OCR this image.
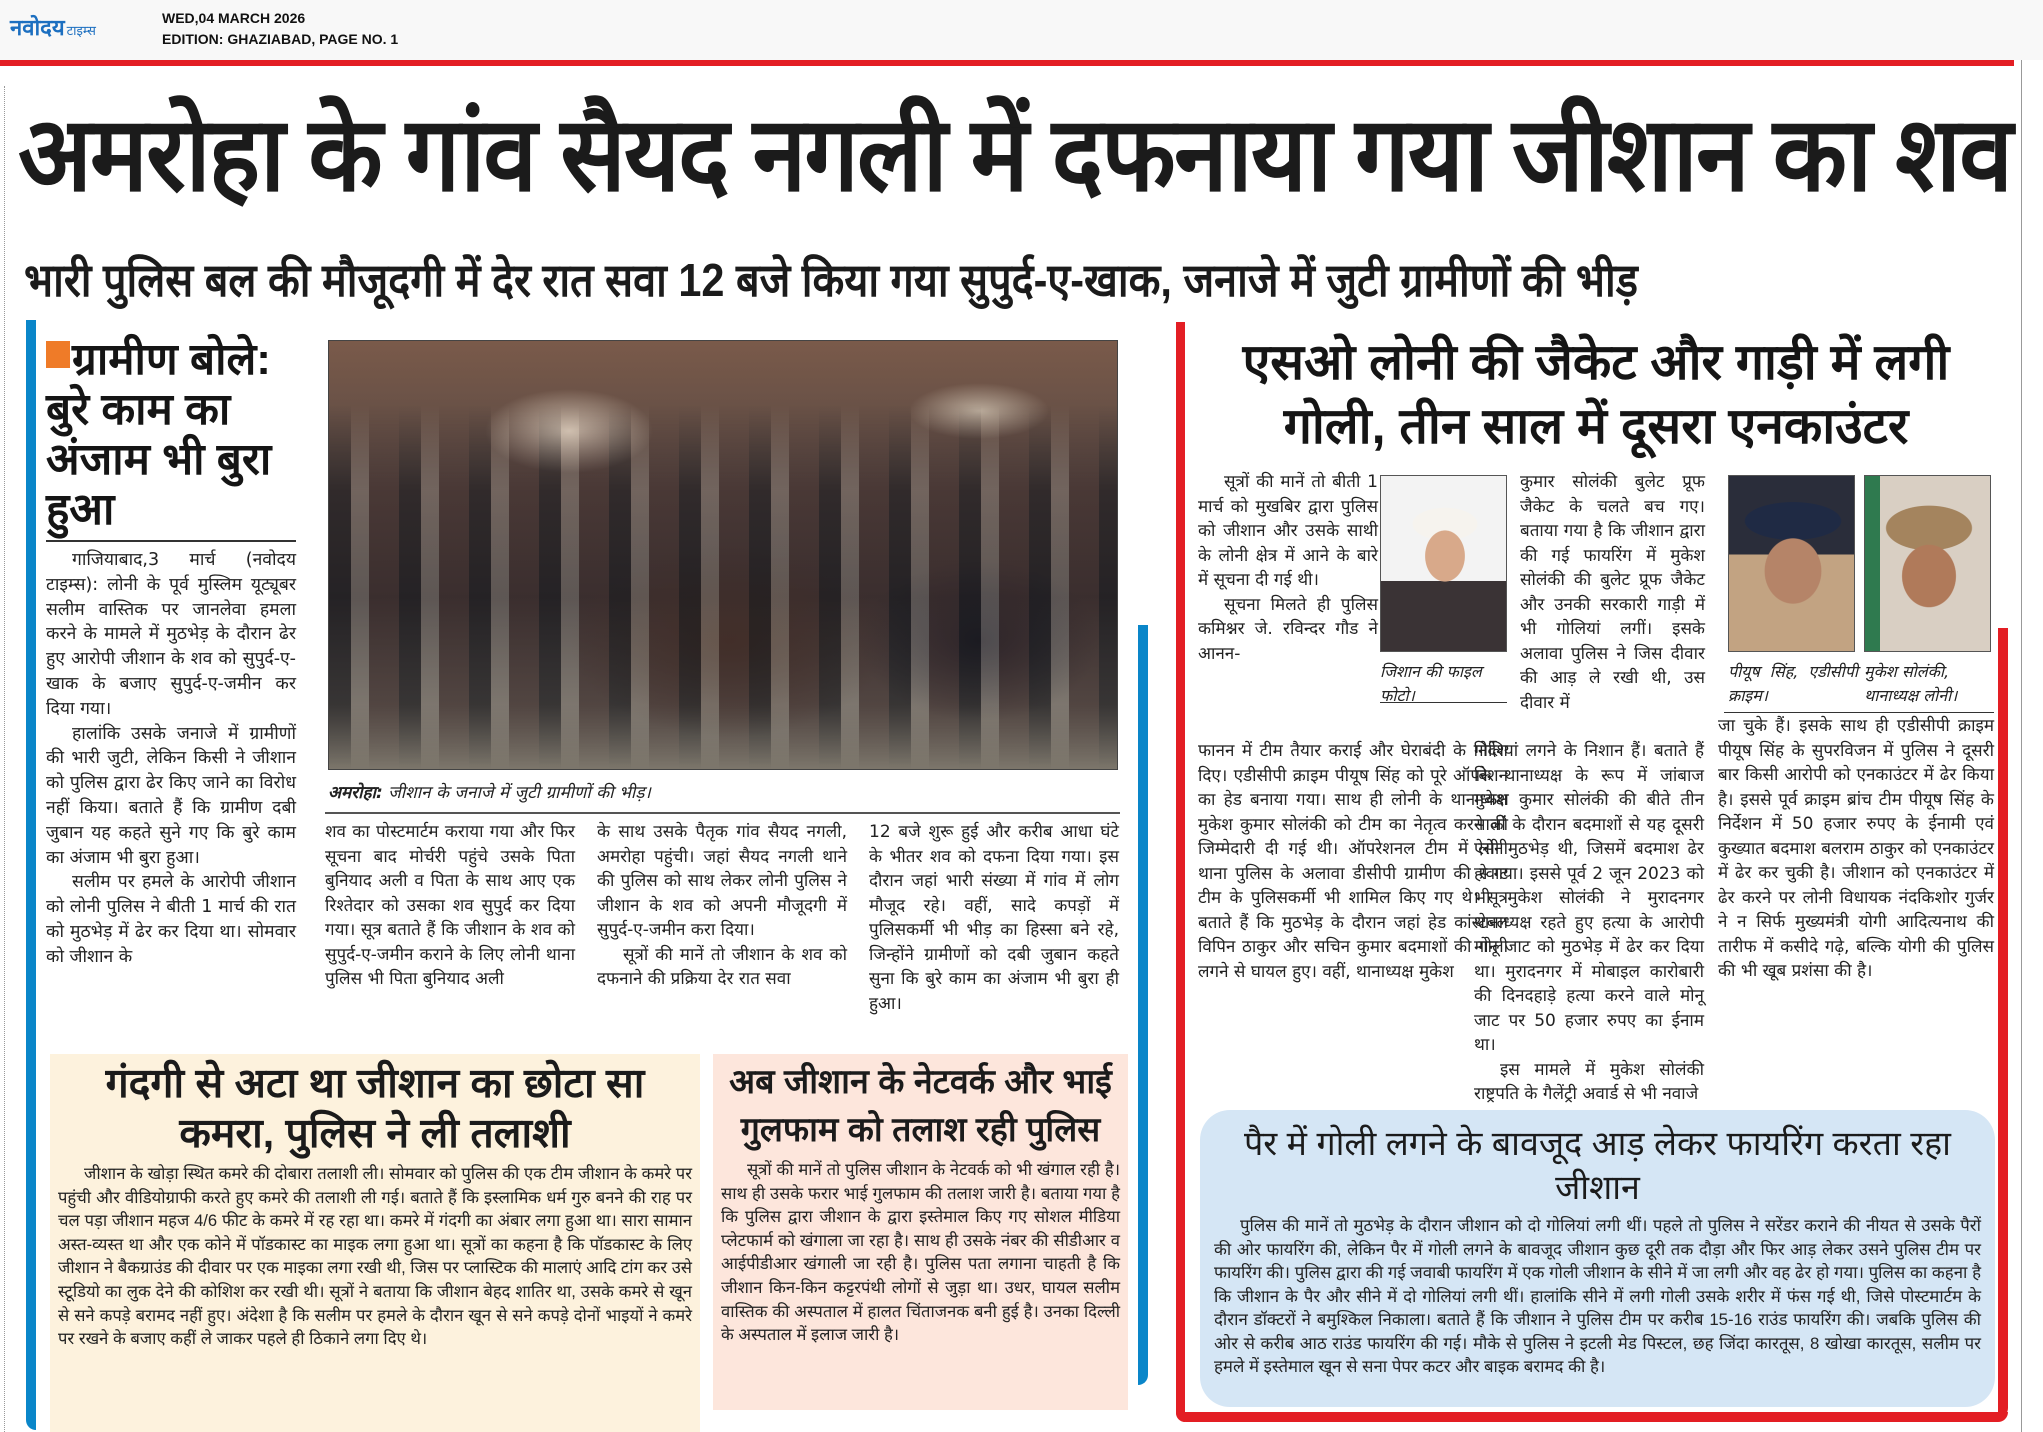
नवोदय टाइम्स
WED,04 MARCH 2026
EDITION: GHAZIABAD, PAGE NO. 1
अमरोहा के गांव सैयद नगली में दफनाया गया जीशान का शव
भारी पुलिस बल की मौजूदगी में देर रात सवा 12 बजे किया गया सुपुर्द-ए-खाक, जनाजे में जुटी ग्रामीणों की भीड़
ग्रामीण बोले: बुरे काम का अंजाम भी बुरा हुआ

गाजियाबाद,3 मार्च (नवोदय टाइम्स): लोनी के पूर्व मुस्लिम यूट्यूबर सलीम वास्तिक पर जानलेवा हमला करने के मामले में मुठभेड़ के दौरान ढेर हुए आरोपी जीशान के शव को सुपुर्द-ए-खाक के बजाए सुपुर्द-ए-जमीन कर दिया गया।

हालांकि उसके जनाजे में ग्रामीणों की भारी जुटी, लेकिन किसी ने जीशान को पुलिस द्वारा ढेर किए जाने का विरोध नहीं किया। बताते हैं कि ग्रामीण दबी जुबान यह कहते सुने गए कि बुरे काम का अंजाम भी बुरा हुआ।

सलीम पर हमले के आरोपी जीशान को लोनी पुलिस ने बीती 1 मार्च की रात को मुठभेड़ में ढेर कर दिया था। सोमवार को जीशान के

अमरोहा: जीशान के जनाजे में जुटी ग्रामीणों की भीड़।

शव का पोस्टमार्टम कराया गया और फिर सूचना बाद मोर्चरी पहुंचे उसके पिता बुनियाद अली व पिता के साथ आए एक रिश्तेदार को उसका शव सुपुर्द कर दिया गया। सूत्र बताते हैं कि जीशान के शव को सुपुर्द-ए-जमीन कराने के लिए लोनी थाना पुलिस भी पिता बुनियाद अली

के साथ उसके पैतृक गांव सैयद नगली, अमरोहा पहुंची। जहां सैयद नगली थाने की पुलिस को साथ लेकर लोनी पुलिस ने जीशान के शव को अपनी मौजूदगी में सुपुर्द-ए-जमीन करा दिया।

सूत्रों की मानें तो जीशान के शव को दफनाने की प्रक्रिया देर रात सवा

12 बजे शुरू हुई और करीब आधा घंटे के भीतर शव को दफना दिया गया। इस दौरान जहां भारी संख्या में गांव में लोग मौजूद रहे। वहीं, सादे कपड़ों में पुलिसकर्मी भी भीड़ का हिस्सा बने रहे, जिन्होंने ग्रामीणों को दबी जुबान कहते सुना कि बुरे काम का अंजाम भी बुरा ही हुआ।

गंदगी से अटा था जीशान का छोटा सा कमरा, पुलिस ने ली तलाशी

जीशान के खोड़ा स्थित कमरे की दोबारा तलाशी ली। सोमवार को पुलिस की एक टीम जीशान के कमरे पर पहुंची और वीडियोग्राफी करते हुए कमरे की तलाशी ली गई। बताते हैं कि इस्लामिक धर्म गुरु बनने की राह पर चल पड़ा जीशान महज 4/6 फीट के कमरे में रह रहा था। कमरे में गंदगी का अंबार लगा हुआ था। सारा सामान अस्त-व्यस्त था और एक कोने में पॉडकास्ट का माइक लगा हुआ था। सूत्रों का कहना है कि पॉडकास्ट के लिए जीशान ने बैकग्राउंड की दीवार पर एक माइका लगा रखी थी, जिस पर प्लास्टिक की मालाएं आदि टांग कर उसे स्टूडियो का लुक देने की कोशिश कर रखी थी। सूत्रों ने बताया कि जीशान बेहद शातिर था, उसके कमरे से खून से सने कपड़े बरामद नहीं हुए। अंदेशा है कि सलीम पर हमले के दौरान खून से सने कपड़े दोनों भाइयों ने कमरे पर रखने के बजाए कहीं ले जाकर पहले ही ठिकाने लगा दिए थे।

अब जीशान के नेटवर्क और भाई गुलफाम को तलाश रही पुलिस

सूत्रों की मानें तो पुलिस जीशान के नेटवर्क को भी खंगाल रही है। साथ ही उसके फरार भाई गुलफाम की तलाश जारी है। बताया गया है कि पुलिस द्वारा जीशान के द्वारा इस्तेमाल किए गए सोशल मीडिया प्लेटफार्म को खंगाला जा रहा है। साथ ही उसके नंबर की सीडीआर व आईपीडीआर खंगाली जा रही है। पुलिस पता लगाना चाहती है कि जीशान किन-किन कट्टरपंथी लोगों से जुड़ा था। उधर, घायल सलीम वास्तिक की अस्पताल में हालत चिंताजनक बनी हुई है। उनका दिल्ली के अस्पताल में इलाज जारी है।

एसओ लोनी की जैकेट और गाड़ी में लगी गोली, तीन साल में दूसरा एनकाउंटर

सूत्रों की मानें तो बीती 1 मार्च को मुखबिर द्वारा पुलिस को जीशान और उसके साथी के लोनी क्षेत्र में आने के बारे में सूचना दी गई थी।

सूचना मिलते ही पुलिस कमिश्नर जे. रविन्दर गौड ने आनन-

फानन में टीम तैयार कराई और घेराबंदी के निर्देश दिए। एडीसीपी क्राइम पीयूष सिंह को पूरे ऑपरेशन का हेड बनाया गया। साथ ही लोनी के थानाध्यक्ष मुकेश कुमार सोलंकी को टीम का नेतृत्व करने की जिम्मेदारी दी गई थी। ऑपरेशनल टीम में लोनी थाना पुलिस के अलावा डीसीपी ग्रामीण की स्वाट टीम के पुलिसकर्मी भी शामिल किए गए थे। सूत्र बताते हैं कि मुठभेड़ के दौरान जहां हेड कांस्टेबल विपिन ठाकुर और सचिन कुमार बदमाशों की गोली लगने से घायल हुए। वहीं, थानाध्यक्ष मुकेश

जिशान की फाइल फोटो।

कुमार सोलंकी बुलेट प्रूफ जैकेट के चलते बच गए। बताया गया है कि जीशान द्वारा की गई फायरिंग में मुकेश सोलंकी की बुलेट प्रूफ जैकेट और उनकी सरकारी गाड़ी में भी गोलियां लगीं। इसके अलावा पुलिस ने जिस दीवार की आड़ ले रखी थी, उस दीवार में

गोलियां लगने के निशान हैं। बताते हैं कि थानाध्यक्ष के रूप में जांबाज मुकेश कुमार सोलंकी की बीते तीन सालों के दौरान बदमाशों से यह दूसरी ऐसी मुठभेड़ थी, जिसमें बदमाश ढेर हो गया। इससे पूर्व 2 जून 2023 को भी मुकेश सोलंकी ने मुरादनगर थानाध्यक्ष रहते हुए हत्या के आरोपी मोनू जाट को मुठभेड़ में ढेर कर दिया था। मुरादनगर में मोबाइल कारोबारी की दिनदहाड़े हत्या करने वाले मोनू जाट पर 50 हजार रुपए का ईनाम था।

इस मामले में मुकेश सोलंकी राष्ट्रपति के गैलेंट्री अवार्ड से भी नवाजे

पीयूष सिंह, एडीसीपी क्राइम।
मुकेश सोलंकी, थानाध्यक्ष लोनी।

जा चुके हैं। इसके साथ ही एडीसीपी क्राइम पीयूष सिंह के सुपरविजन में पुलिस ने दूसरी बार किसी आरोपी को एनकाउंटर में ढेर किया है। इससे पूर्व क्राइम ब्रांच टीम पीयूष सिंह के निर्देशन में 50 हजार रुपए के ईनामी एवं कुख्यात बदमाश बलराम ठाकुर को एनकाउंटर में ढेर कर चुकी है। जीशान को एनकाउंटर में ढेर करने पर लोनी विधायक नंदकिशोर गुर्जर ने न सिर्फ मुख्यमंत्री योगी आदित्यनाथ की तारीफ में कसीदे गढ़े, बल्कि योगी की पुलिस की भी खूब प्रशंसा की है।

पैर में गोली लगने के बावजूद आड़ लेकर फायरिंग करता रहा जीशान

पुलिस की मानें तो मुठभेड़ के दौरान जीशान को दो गोलियां लगी थीं। पहले तो पुलिस ने सरेंडर कराने की नीयत से उसके पैरों की ओर फायरिंग की, लेकिन पैर में गोली लगने के बावजूद जीशान कुछ दूरी तक दौड़ा और फिर आड़ लेकर उसने पुलिस टीम पर फायरिंग की। पुलिस द्वारा की गई जवाबी फायरिंग में एक गोली जीशान के सीने में जा लगी और वह ढेर हो गया। पुलिस का कहना है कि जीशान के पैर और सीने में दो गोलियां लगी थीं। हालांकि सीने में लगी गोली उसके शरीर में फंस गई थी, जिसे पोस्टमार्टम के दौरान डॉक्टरों ने बमुश्किल निकाला। बताते हैं कि जीशान ने पुलिस टीम पर करीब 15-16 राउंड फायरिंग की। जबकि पुलिस की ओर से करीब आठ राउंड फायरिंग की गई। मौके से पुलिस ने इटली मेड पिस्टल, छह जिंदा कारतूस, 8 खोखा कारतूस, सलीम पर हमले में इस्तेमाल खून से सना पेपर कटर और बाइक बरामद की है।
